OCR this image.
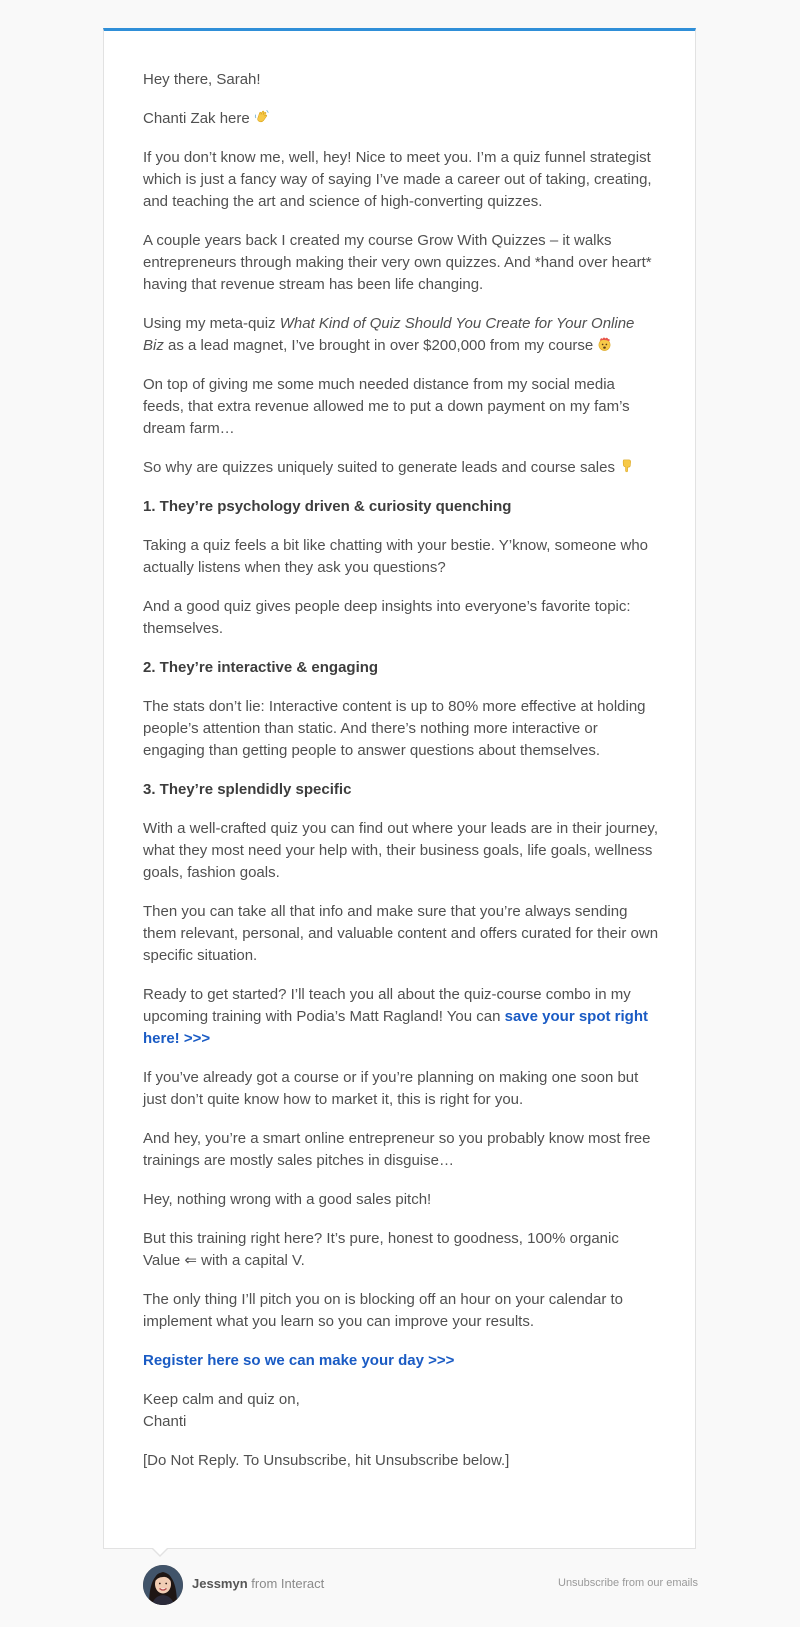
Hey there, Sarah!

Chanti Zak here

If you don’t know me, well, hey! Nice to meet you. I’m a quiz funnel strategist which is just a fancy way of saying I’ve made a career out of taking, creating, and teaching the art and science of high-converting quizzes.

A couple years back I created my course Grow With Quizzes – it walks entrepreneurs through making their very own quizzes. And *hand over heart* having that revenue stream has been life changing.

Using my meta-quiz What Kind of Quiz Should You Create for Your Online Biz as a lead magnet, I’ve brought in over $200,000 from my course

On top of giving me some much needed distance from my social media feeds, that extra revenue allowed me to put a down payment on my fam’s dream farm…

So why are quizzes uniquely suited to generate leads and course sales

1. They’re psychology driven & curiosity quenching

Taking a quiz feels a bit like chatting with your bestie. Y’know, someone who actually listens when they ask you questions?

And a good quiz gives people deep insights into everyone’s favorite topic: themselves.

2. They’re interactive & engaging

The stats don’t lie: Interactive content is up to 80% more effective at holding people’s attention than static. And there’s nothing more interactive or engaging than getting people to answer questions about themselves.

3. They’re splendidly specific

With a well-crafted quiz you can find out where your leads are in their journey, what they most need your help with, their business goals, life goals, wellness goals, fashion goals.

Then you can take all that info and make sure that you’re always sending them relevant, personal, and valuable content and offers curated for their own specific situation.

Ready to get started? I’ll teach you all about the quiz-course combo in my upcoming training with Podia’s Matt Ragland! You can save your spot right here! >>>

If you’ve already got a course or if you’re planning on making one soon but just don’t quite know how to market it, this is right for you.

And hey, you’re a smart online entrepreneur so you probably know most free trainings are mostly sales pitches in disguise…

Hey, nothing wrong with a good sales pitch!

But this training right here? It’s pure, honest to goodness, 100% organic Value ⇐ with a capital V.

The only thing I’ll pitch you on is blocking off an hour on your calendar to implement what you learn so you can improve your results.

Register here so we can make your day >>>

Keep calm and quiz on,
Chanti

[Do Not Reply. To Unsubscribe, hit Unsubscribe below.]

Jessmyn from Interact	Unsubscribe from our emails
